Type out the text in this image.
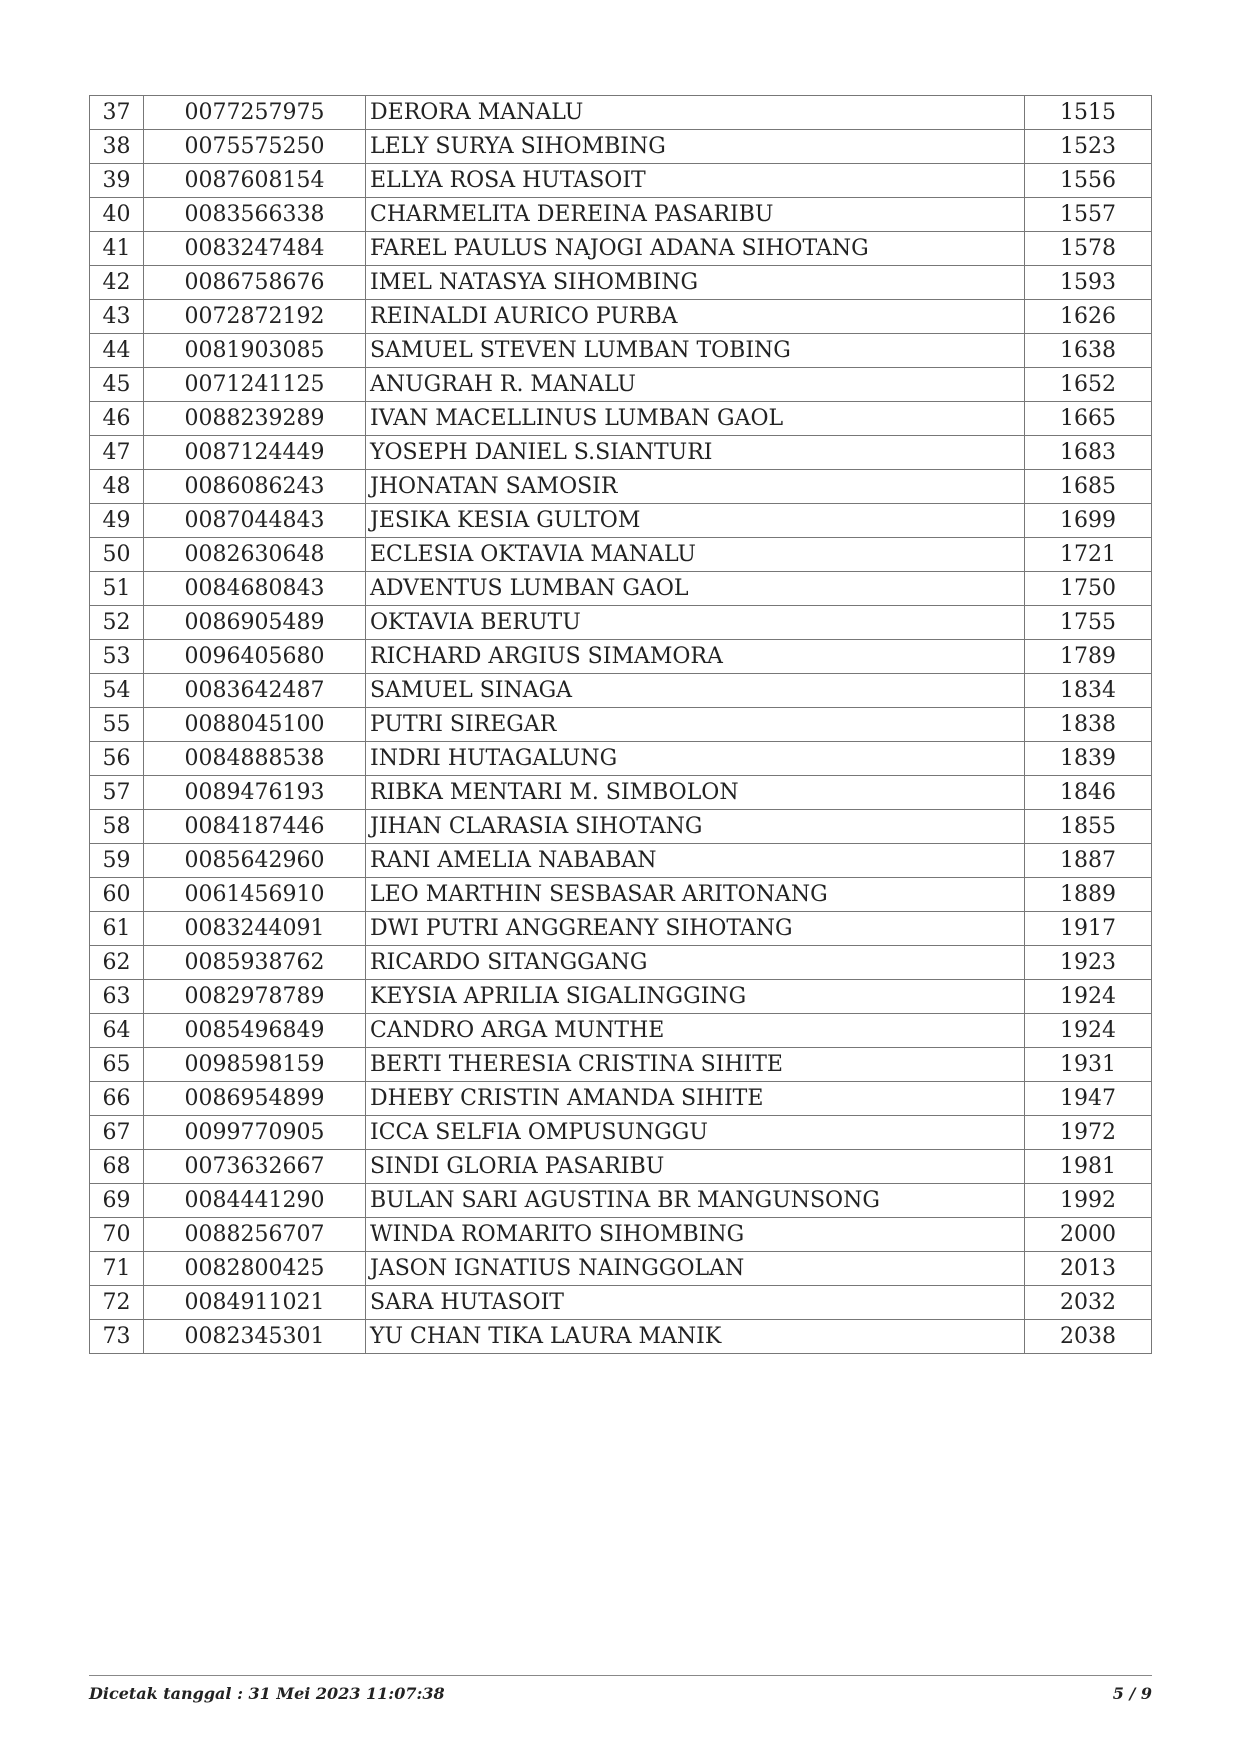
37	0077257975	DERORA MANALU	1515
38	0075575250	LELY SURYA SIHOMBING	1523
39	0087608154	ELLYA ROSA HUTASOIT	1556
40	0083566338	CHARMELITA DEREINA PASARIBU	1557
41	0083247484	FAREL PAULUS NAJOGI ADANA SIHOTANG	1578
42	0086758676	IMEL NATASYA SIHOMBING	1593
43	0072872192	REINALDI AURICO PURBA	1626
44	0081903085	SAMUEL STEVEN LUMBAN TOBING	1638
45	0071241125	ANUGRAH R. MANALU	1652
46	0088239289	IVAN MACELLINUS LUMBAN GAOL	1665
47	0087124449	YOSEPH DANIEL S.SIANTURI	1683
48	0086086243	JHONATAN SAMOSIR	1685
49	0087044843	JESIKA KESIA GULTOM	1699
50	0082630648	ECLESIA OKTAVIA MANALU	1721
51	0084680843	ADVENTUS LUMBAN GAOL	1750
52	0086905489	OKTAVIA BERUTU	1755
53	0096405680	RICHARD ARGIUS SIMAMORA	1789
54	0083642487	SAMUEL SINAGA	1834
55	0088045100	PUTRI SIREGAR	1838
56	0084888538	INDRI HUTAGALUNG	1839
57	0089476193	RIBKA MENTARI M. SIMBOLON	1846
58	0084187446	JIHAN CLARASIA SIHOTANG	1855
59	0085642960	RANI AMELIA NABABAN	1887
60	0061456910	LEO MARTHIN SESBASAR ARITONANG	1889
61	0083244091	DWI PUTRI ANGGREANY SIHOTANG	1917
62	0085938762	RICARDO SITANGGANG	1923
63	0082978789	KEYSIA APRILIA SIGALINGGING	1924
64	0085496849	CANDRO ARGA MUNTHE	1924
65	0098598159	BERTI THERESIA CRISTINA SIHITE	1931
66	0086954899	DHEBY CRISTIN AMANDA SIHITE	1947
67	0099770905	ICCA SELFIA OMPUSUNGGU	1972
68	0073632667	SINDI GLORIA PASARIBU	1981
69	0084441290	BULAN SARI AGUSTINA BR MANGUNSONG	1992
70	0088256707	WINDA ROMARITO SIHOMBING	2000
71	0082800425	JASON IGNATIUS NAINGGOLAN	2013
72	0084911021	SARA HUTASOIT	2032
73	0082345301	YU CHAN TIKA LAURA MANIK	2038
Dicetak tanggal : 31 Mei 2023 11:07:38	5 / 9
